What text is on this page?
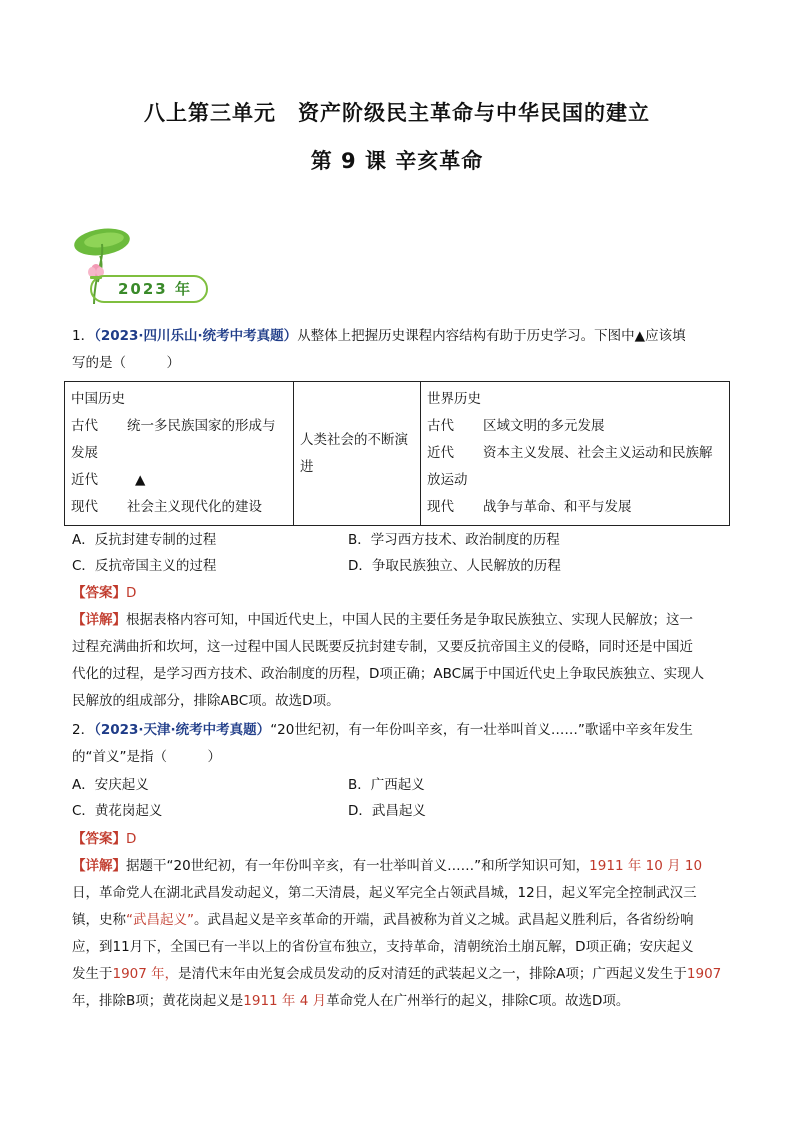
八上第三单元　资产阶级民主革命与中华民国的建立
第 9 课 辛亥革命
2023 年
1．（2023·四川乐山·统考中考真题）从整体上把握历史课程内容结构有助于历史学习。下图中▲应该填
写的是（　　　）
中国历史
古代	统一多民族国家的形成与
发展
近代	▲
现代	社会主义现代化的建设

人类社会的不断演进

世界历史
古代	区域文明的多元发展
近代	资本主义发展、社会主义运动和民族解
放运动
现代	战争与革命、和平与发展
A．反抗封建专制的过程	B．学习西方技术、政治制度的历程
C．反抗帝国主义的过程	D．争取民族独立、人民解放的历程
【答案】D
【详解】根据表格内容可知，中国近代史上，中国人民的主要任务是争取民族独立、实现人民解放；这一
过程充满曲折和坎坷，这一过程中国人民既要反抗封建专制，又要反抗帝国主义的侵略，同时还是中国近
代化的过程，是学习西方技术、政治制度的历程，D项正确；ABC属于中国近代史上争取民族独立、实现人
民解放的组成部分，排除ABC项。故选D项。
2．（2023·天津·统考中考真题）“20世纪初，有一年份叫辛亥，有一壮举叫首义……”歌谣中辛亥年发生
的“首义”是指（　　　）
A．安庆起义	B．广西起义
C．黄花岗起义	D．武昌起义
【答案】D
【详解】据题干“20世纪初，有一年份叫辛亥，有一壮举叫首义……”和所学知识可知，1911 年 10 月 10
日，革命党人在湖北武昌发动起义，第二天清晨，起义军完全占领武昌城，12日，起义军完全控制武汉三
镇，史称“武昌起义”。武昌起义是辛亥革命的开端，武昌被称为首义之城。武昌起义胜利后，各省纷纷响
应，到11月下，全国已有一半以上的省份宣布独立，支持革命，清朝统治土崩瓦解，D项正确；安庆起义
发生于1907 年，是清代末年由光复会成员发动的反对清廷的武装起义之一，排除A项；广西起义发生于1907
年，排除B项；黄花岗起义是1911 年 4 月革命党人在广州举行的起义，排除C项。故选D项。
